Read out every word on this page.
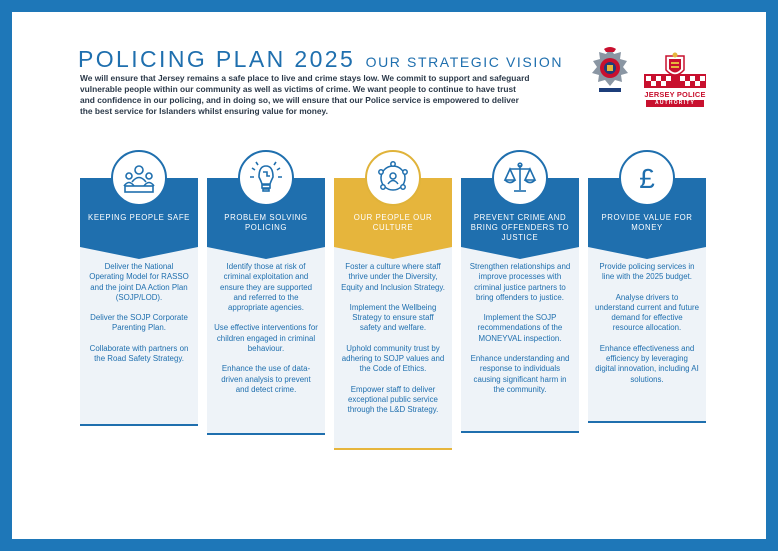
POLICING PLAN 2025 OUR STRATEGIC VISION
We will ensure that Jersey remains a safe place to live and crime stays low. We commit to support and safeguard vulnerable people within our community as well as victims of crime. We want people to continue to have trust and confidence in our policing, and in doing so, we will ensure that our Police service is empowered to deliver the best service for Islanders whilst ensuring value for money.
JERSEY POLICE
AUTHORITY
KEEPING PEOPLE SAFE

Deliver the National Operating Model for RASSO and the joint DA Action Plan (SOJP/LOD).

Deliver the SOJP Corporate Parenting Plan.

Collaborate with partners on the Road Safety Strategy.

PROBLEM SOLVING POLICING

Identify those at risk of criminal exploitation and ensure they are supported and referred to the appropriate agencies.

Use effective interventions for children engaged in criminal behaviour.

Enhance the use of data-driven analysis to prevent and detect crime.

OUR PEOPLE OUR CULTURE

Foster a culture where staff thrive under the Diversity, Equity and Inclusion Strategy.

Implement the Wellbeing Strategy to ensure staff safety and welfare.

Uphold community trust by adhering to SOJP values and the Code of Ethics.

Empower staff to deliver exceptional public service through the L&D Strategy.

PREVENT CRIME AND BRING OFFENDERS TO JUSTICE

Strengthen relationships and improve processes with criminal justice partners to bring offenders to justice.

Implement the SOJP recommendations of the MONEYVAL inspection.

Enhance understanding and response to individuals causing significant harm in the community.

£
PROVIDE VALUE FOR MONEY

Provide policing services in line with the 2025 budget.

Analyse drivers to understand current and future demand for effective resource allocation.

Enhance effectiveness and efficiency by leveraging digital innovation, including AI solutions.
